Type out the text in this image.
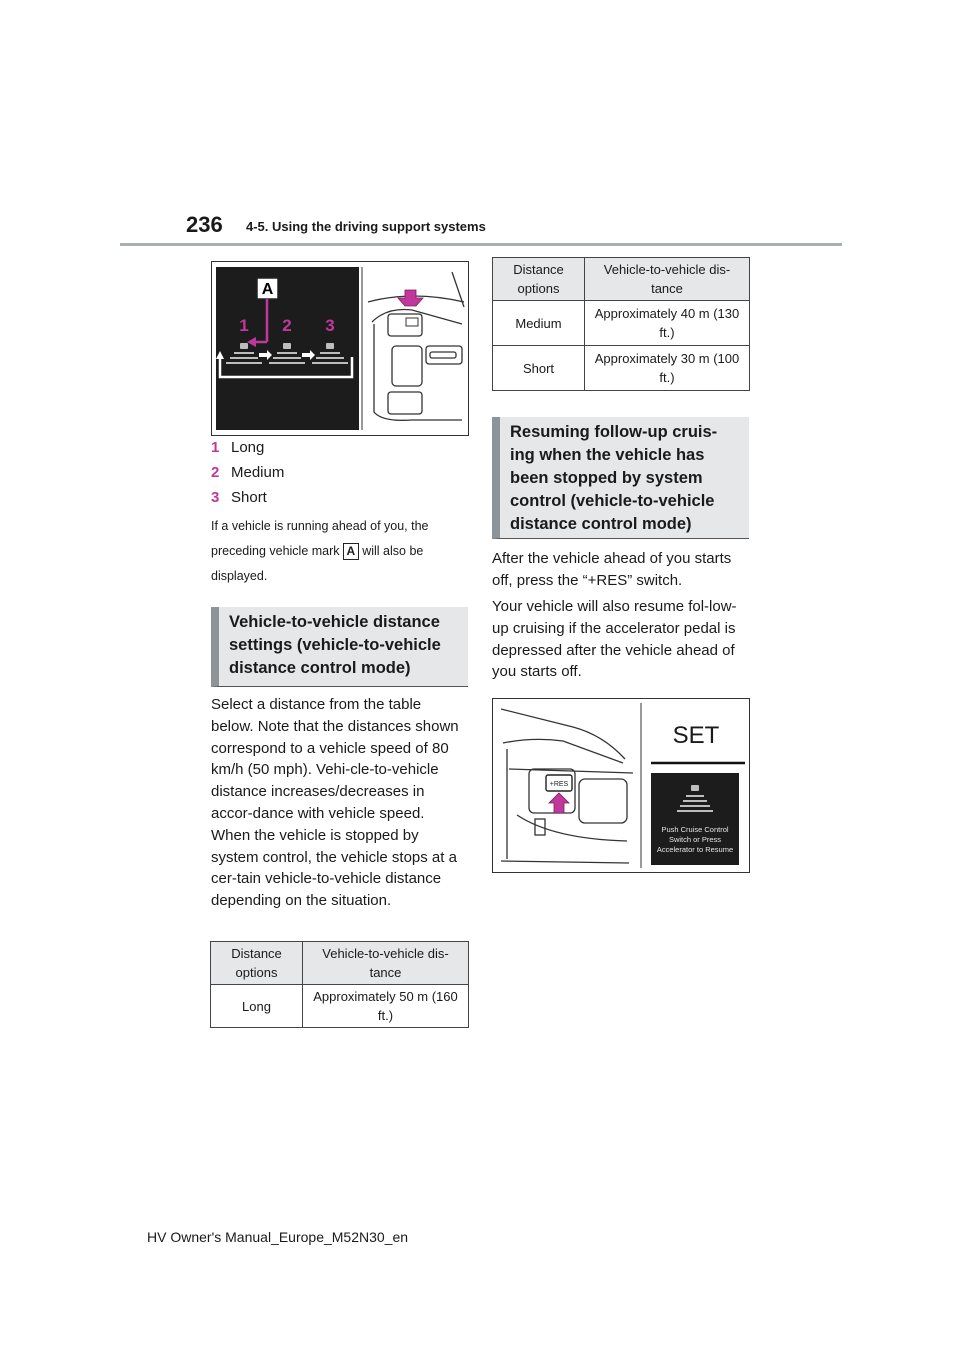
236 4-5. Using the driving support systems
A
1 2 3
1 Long
2 Medium
3 Short
If a vehicle is running ahead of you, the
preceding vehicle mark A will also be
displayed.
Vehicle-to-vehicle distance settings (vehicle-to-vehicle distance control mode)
Select a distance from the table below. Note that the distances shown correspond to a vehicle speed of 80 km/h (50 mph). Vehi-cle-to-vehicle distance increases/decreases in accor-dance with vehicle speed. When the vehicle is stopped by system control, the vehicle stops at a cer-tain vehicle-to-vehicle distance depending on the situation.
Distance options	Vehicle-to-vehicle dis-tance
Long	Approximately 50 m (160 ft.)
Distance options	Vehicle-to-vehicle dis-tance
Medium	Approximately 40 m (130 ft.)
Short	Approximately 30 m (100 ft.)
Resuming follow-up cruis-ing when the vehicle has been stopped by system control (vehicle-to-vehicle distance control mode)
After the vehicle ahead of you starts off, press the “+RES” switch.
Your vehicle will also resume fol-low-up cruising if the accelerator pedal is depressed after the vehicle ahead of you starts off.
+RES
SET
Push Cruise Control
Switch or Press
Accelerator to Resume
HV Owner's Manual_Europe_M52N30_en
